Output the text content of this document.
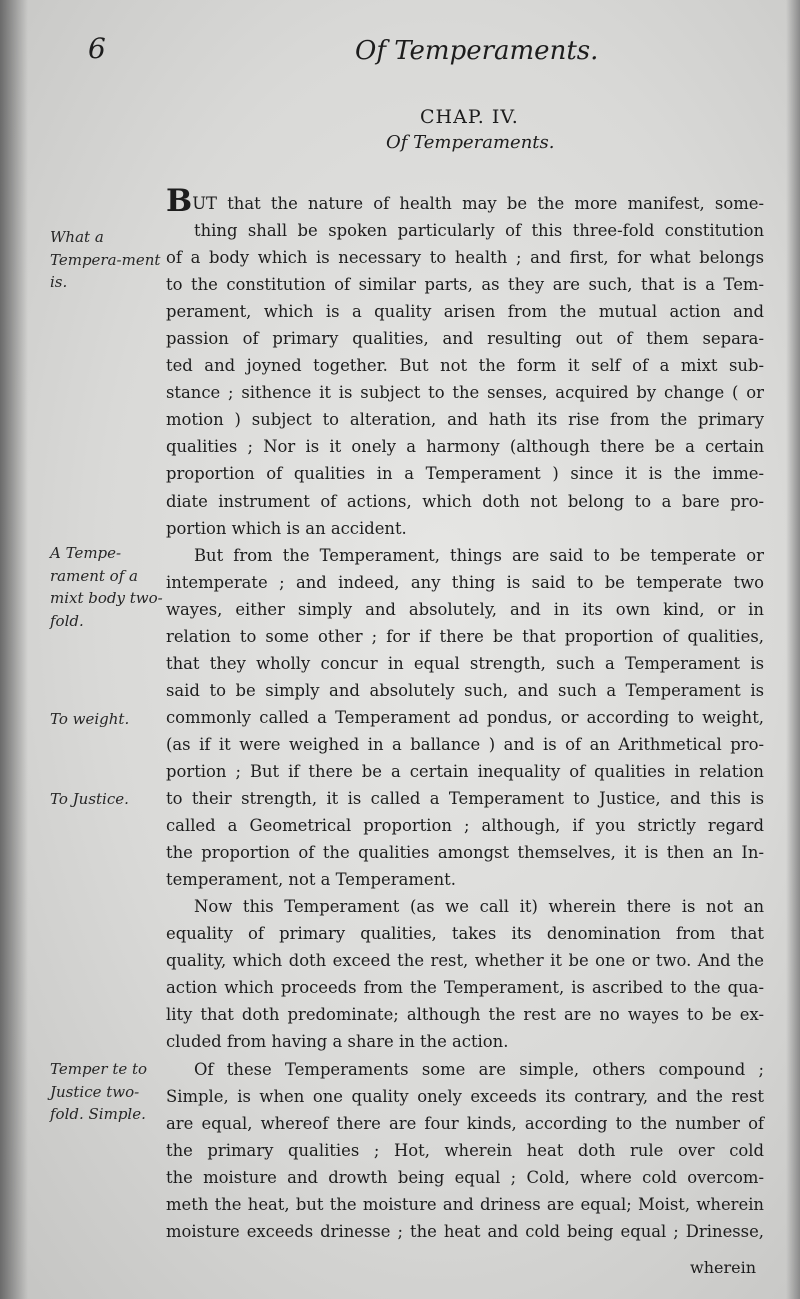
6	Of Temperaments.
CHAP. IV.
Of Temperaments.
What a Tempera-ment is.
A Tempe-rament of a mixt body two-fold.
To weight.
To Justice.
Temper te to Justice two-fold. Simple.
BUT that the nature of health may be the more manifest, some-
thing shall be spoken particularly of this three-fold constitution
of a body which is necessary to health ; and first, for what belongs
to the constitution of similar parts, as they are such, that is a Tem-
perament, which is a quality arisen from the mutual action and
passion of primary qualities, and resulting out of them separa-
ted and joyned together. But not the form it self of a mixt sub-
stance ; sithence it is subject to the senses, acquired by change ( or
motion ) subject to alteration, and hath its rise from the primary
qualities ; Nor is it onely a harmony (although there be a certain
proportion of qualities in a Temperament ) since it is the imme-
diate instrument of actions, which doth not belong to a bare pro-
portion which is an accident.
But from the Temperament, things are said to be temperate or
intemperate ; and indeed, any thing is said to be temperate two
wayes, either simply and absolutely, and in its own kind, or in
relation to some other ; for if there be that proportion of qualities,
that they wholly concur in equal strength, such a Temperament is
said to be simply and absolutely such, and such a Temperament is
commonly called a Temperament ad pondus, or according to weight,
(as if it were weighed in a ballance ) and is of an Arithmetical pro-
portion ; But if there be a certain inequality of qualities in relation
to their strength, it is called a Temperament to Justice, and this is
called a Geometrical proportion ; although, if you strictly regard
the proportion of the qualities amongst themselves, it is then an In-
temperament, not a Temperament.
Now this Temperament (as we call it) wherein there is not an
equality of primary qualities, takes its denomination from that
quality, which doth exceed the rest, whether it be one or two. And the
action which proceeds from the Temperament, is ascribed to the qua-
lity that doth predominate; although the rest are no wayes to be ex-
cluded from having a share in the action.
Of these Temperaments some are simple, others compound ;
Simple, is when one quality onely exceeds its contrary, and the rest
are equal, whereof there are four kinds, according to the number of
the primary qualities ; Hot, wherein heat doth rule over cold
the moisture and drowth being equal ; Cold, where cold overcom-
meth the heat, but the moisture and driness are equal; Moist, wherein
moisture exceeds drinesse ; the heat and cold being equal ; Drinesse,
wherein
